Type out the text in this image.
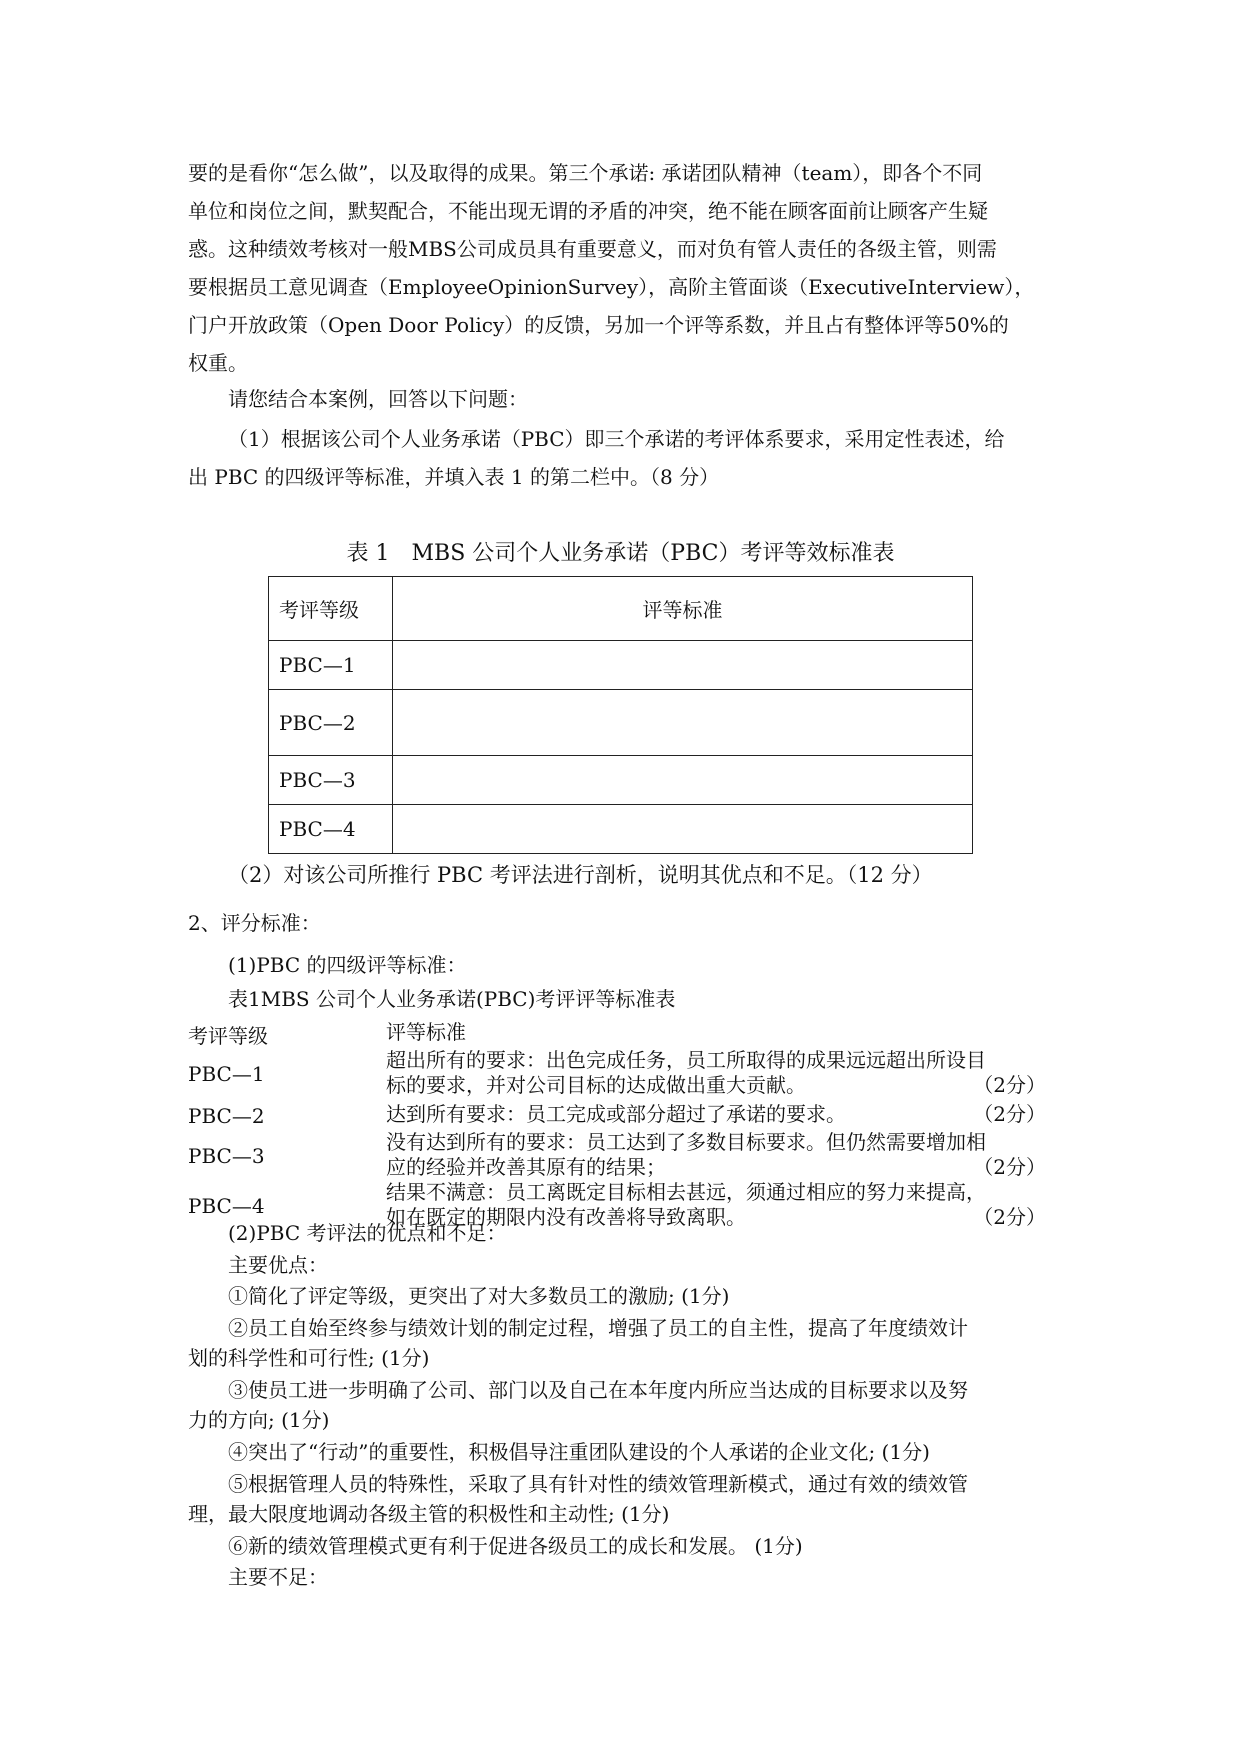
要的是看你“怎么做”，以及取得的成果。第三个承诺: 承诺团队精神（team），即各个不同
单位和岗位之间，默契配合，不能出现无谓的矛盾的冲突，绝不能在顾客面前让顾客产生疑
惑。这种绩效考核对一般MBS公司成员具有重要意义，而对负有管人责任的各级主管，则需
要根据员工意见调查（EmployeeOpinionSurvey），高阶主管面谈（ExecutiveInterview），
门户开放政策（Open Door Policy）的反馈，另加一个评等系数，并且占有整体评等50%的
权重。
请您结合本案例，回答以下问题：
（1）根据该公司个人业务承诺（PBC）即三个承诺的考评体系要求，采用定性表述，给
出 PBC 的四级评等标准，并填入表 1 的第二栏中。（8 分）
表 1　MBS 公司个人业务承诺（PBC）考评等效标准表
考评等级	评等标准
PBC—1	
PBC—2	
PBC—3	
PBC—4	
（2）对该公司所推行 PBC 考评法进行剖析，说明其优点和不足。（12 分）
2、评分标准：
(1)PBC 的四级评等标准：
表1MBS 公司个人业务承诺(PBC)考评评等标准表
考评等级	评等标准
PBC—1
超出所有的要求：出色完成任务，员工所取得的成果远远超出所设目
标的要求，并对公司目标的达成做出重大贡献。	（2分）
PBC—2	达到所有要求：员工完成或部分超过了承诺的要求。	（2分）
PBC—3
没有达到所有的要求：员工达到了多数目标要求。但仍然需要增加相
应的经验并改善其原有的结果；	（2分）
PBC—4
结果不满意：员工离既定目标相去甚远，须通过相应的努力来提高，
如在既定的期限内没有改善将导致离职。	（2分）
(2)PBC 考评法的优点和不足：
主要优点：
①简化了评定等级，更突出了对大多数员工的激励; (1分)
②员工自始至终参与绩效计划的制定过程，增强了员工的自主性，提高了年度绩效计
划的科学性和可行性; (1分)
③使员工进一步明确了公司、部门以及自己在本年度内所应当达成的目标要求以及努
力的方向; (1分)
④突出了“行动”的重要性，积极倡导注重团队建设的个人承诺的企业文化; (1分)
⑤根据管理人员的特殊性，采取了具有针对性的绩效管理新模式，通过有效的绩效管
理，最大限度地调动各级主管的积极性和主动性; (1分)
⑥新的绩效管理模式更有利于促进各级员工的成长和发展。 (1分)
主要不足：
